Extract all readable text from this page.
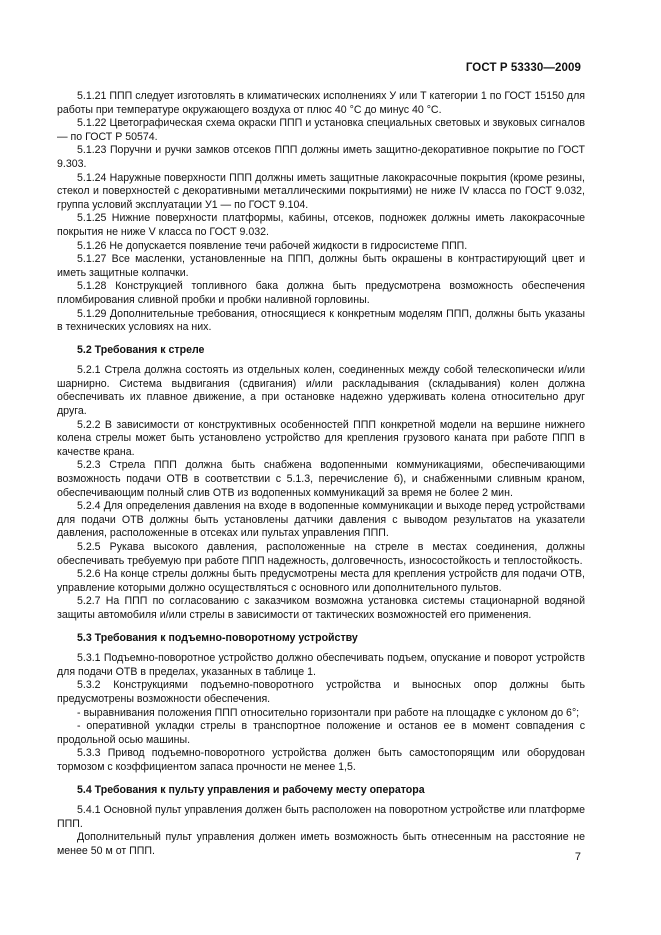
ГОСТ Р 53330—2009
5.1.21 ППП следует изготовлять в климатических исполнениях У или Т категории 1 по ГОСТ 15150 для работы при температуре окружающего воздуха от плюс 40 °С до минус 40 °С.
5.1.22 Цветографическая схема окраски ППП и установка специальных световых и звуковых сигналов — по ГОСТ Р 50574.
5.1.23 Поручни и ручки замков отсеков ППП должны иметь защитно-декоративное покрытие по ГОСТ 9.303.
5.1.24 Наружные поверхности ППП должны иметь защитные лакокрасочные покрытия (кроме резины, стекол и поверхностей с декоративными металлическими покрытиями) не ниже IV класса по ГОСТ 9.032, группа условий эксплуатации У1 — по ГОСТ 9.104.
5.1.25 Нижние поверхности платформы, кабины, отсеков, подножек должны иметь лакокрасочные покрытия не ниже V класса по ГОСТ 9.032.
5.1.26 Не допускается появление течи рабочей жидкости в гидросистеме ППП.
5.1.27 Все масленки, установленные на ППП, должны быть окрашены в контрастирующий цвет и иметь защитные колпачки.
5.1.28 Конструкцией топливного бака должна быть предусмотрена возможность обеспечения пломбирования сливной пробки и пробки наливной горловины.
5.1.29 Дополнительные требования, относящиеся к конкретным моделям ППП, должны быть указаны в технических условиях на них.
5.2 Требования к стреле
5.2.1 Стрела должна состоять из отдельных колен, соединенных между собой телескопически и/или шарнирно. Система выдвигания (сдвигания) и/или раскладывания (складывания) колен должна обеспечивать их плавное движение, а при остановке надежно удерживать колена относительно друг друга.
5.2.2 В зависимости от конструктивных особенностей ППП конкретной модели на вершине нижнего колена стрелы может быть установлено устройство для крепления грузового каната при работе ППП в качестве крана.
5.2.3 Стрела ППП должна быть снабжена водопенными коммуникациями, обеспечивающими возможность подачи ОТВ в соответствии с 5.1.3, перечисление б), и снабженными сливным краном, обеспечивающим полный слив ОТВ из водопенных коммуникаций за время не более 2 мин.
5.2.4 Для определения давления на входе в водопенные коммуникации и выходе перед устройствами для подачи ОТВ должны быть установлены датчики давления с выводом результатов на указатели давления, расположенные в отсеках или пультах управления ППП.
5.2.5 Рукава высокого давления, расположенные на стреле в местах соединения, должны обеспечивать требуемую при работе ППП надежность, долговечность, износостойкость и теплостойкость.
5.2.6 На конце стрелы должны быть предусмотрены места для крепления устройств для подачи ОТВ, управление которыми должно осуществляться с основного или дополнительного пультов.
5.2.7 На ППП по согласованию с заказчиком возможна установка системы стационарной водяной защиты автомобиля и/или стрелы в зависимости от тактических возможностей его применения.
5.3 Требования к подъемно-поворотному устройству
5.3.1 Подъемно-поворотное устройство должно обеспечивать подъем, опускание и поворот устройств для подачи ОТВ в пределах, указанных в таблице 1.
5.3.2 Конструкциями подъемно-поворотного устройства и выносных опор должны быть предусмотрены возможности обеспечения.
- выравнивания положения ППП относительно горизонтали при работе на площадке с уклоном до 6°;
- оперативной укладки стрелы в транспортное положение и останов ее в момент совпадения с продольной осью машины.
5.3.3 Привод подъемно-поворотного устройства должен быть самостопорящим или оборудован тормозом с коэффициентом запаса прочности не менее 1,5.
5.4 Требования к пульту управления и рабочему месту оператора
5.4.1 Основной пульт управления должен быть расположен на поворотном устройстве или платформе ППП.
Дополнительный пульт управления должен иметь возможность быть отнесенным на расстояние не менее 50 м от ППП.
7
